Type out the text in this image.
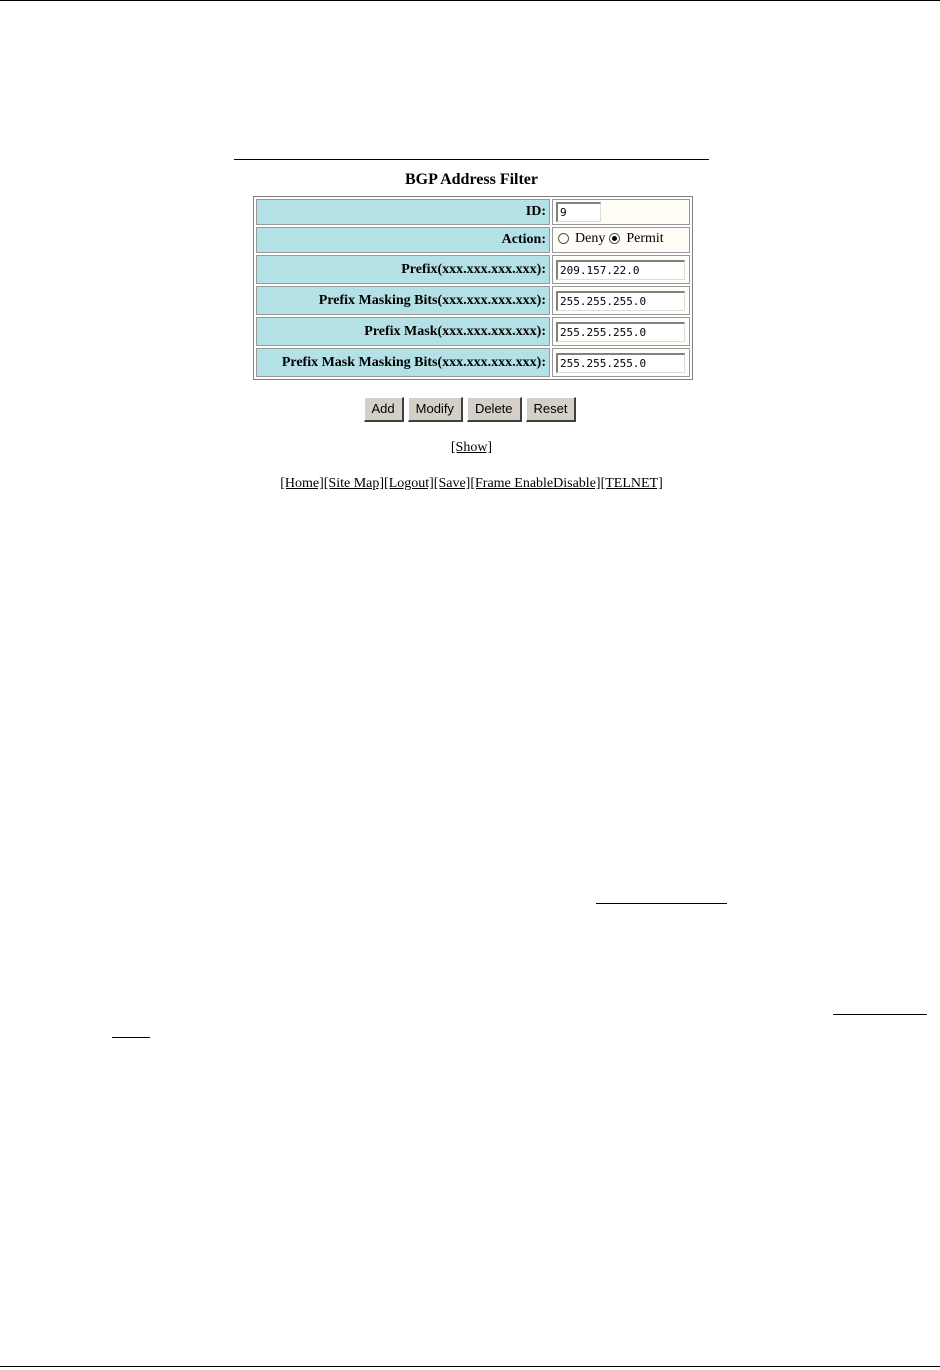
BGP Address Filter
ID:	9
Action:	Deny Permit

Prefix(xxx.xxx.xxx.xxx):	209.157.22.0
Prefix Masking Bits(xxx.xxx.xxx.xxx):	255.255.255.0
Prefix Mask(xxx.xxx.xxx.xxx):	255.255.255.0
Prefix Mask Masking Bits(xxx.xxx.xxx.xxx):	255.255.255.0
Add Modify Delete Reset
[Show]
[Home][Site Map][Logout][Save][Frame EnableDisable][TELNET]
